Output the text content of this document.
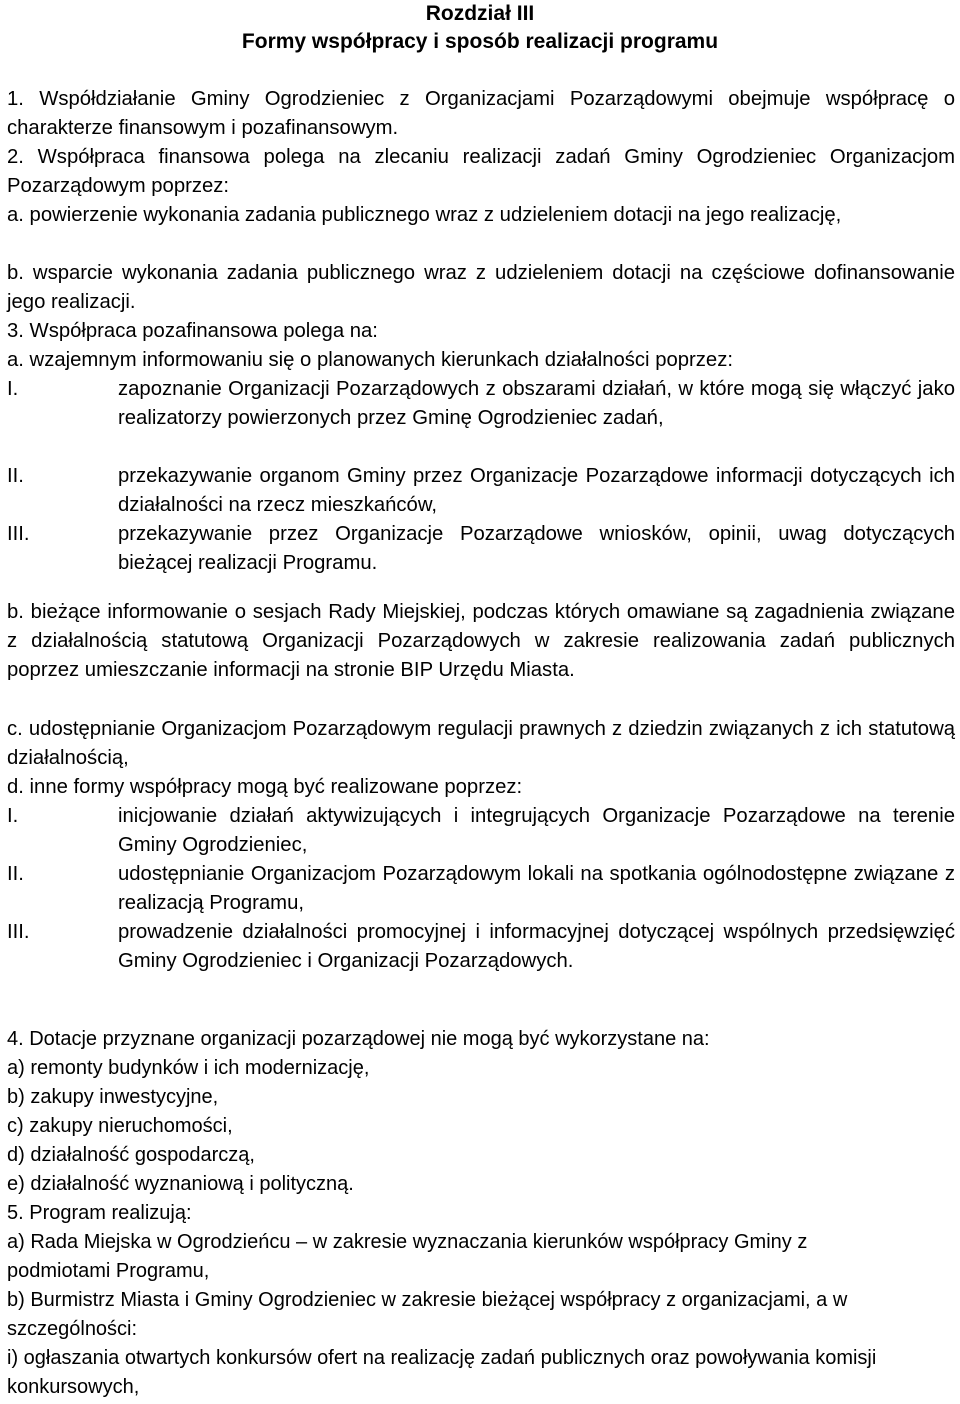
Rozdział III
Formy współpracy i sposób realizacji programu
1. Współdziałanie Gminy Ogrodzieniec z Organizacjami Pozarządowymi obejmuje współpracę o charakterze finansowym i pozafinansowym.
2. Współpraca finansowa polega na zlecaniu realizacji zadań Gminy Ogrodzieniec Organizacjom Pozarządowym poprzez:
a. powierzenie wykonania zadania publicznego wraz z udzieleniem dotacji na jego realizację,
b. wsparcie wykonania zadania publicznego wraz z udzieleniem dotacji na częściowe dofinansowanie jego realizacji.
3. Współpraca pozafinansowa polega na:
a. wzajemnym informowaniu się o planowanych kierunkach działalności poprzez:
I.	zapoznanie Organizacji Pozarządowych z obszarami działań, w które mogą się włączyć jako realizatorzy powierzonych przez Gminę Ogrodzieniec zadań,
II.	przekazywanie organom Gminy przez Organizacje Pozarządowe informacji dotyczących ich działalności na rzecz mieszkańców,
III.	przekazywanie przez Organizacje Pozarządowe wniosków, opinii, uwag dotyczących bieżącej realizacji Programu.
b. bieżące informowanie o sesjach Rady Miejskiej, podczas których omawiane są zagadnienia związane z działalnością statutową Organizacji Pozarządowych w zakresie realizowania zadań publicznych poprzez umieszczanie informacji na stronie BIP Urzędu Miasta.
c. udostępnianie Organizacjom Pozarządowym regulacji prawnych z dziedzin związanych z ich statutową działalnością,
d. inne formy współpracy mogą być realizowane poprzez:
I.	inicjowanie działań aktywizujących i integrujących Organizacje Pozarządowe na terenie Gminy Ogrodzieniec,
II.	udostępnianie Organizacjom Pozarządowym lokali na spotkania ogólnodostępne związane z realizacją Programu,
III.	prowadzenie działalności promocyjnej i informacyjnej dotyczącej wspólnych przedsięwzięć Gminy Ogrodzieniec i Organizacji Pozarządowych.
4. Dotacje przyznane organizacji pozarządowej nie mogą być wykorzystane na:
a) remonty budynków i ich modernizację,
b) zakupy inwestycyjne,
c) zakupy nieruchomości,
d) działalność gospodarczą,
e) działalność wyznaniową i polityczną.
5. Program realizują:
a) Rada Miejska w Ogrodzieńcu – w zakresie wyznaczania kierunków współpracy Gminy z podmiotami Programu,
b) Burmistrz Miasta i Gminy Ogrodzieniec w zakresie bieżącej współpracy z organizacjami, a w szczególności:
i) ogłaszania otwartych konkursów ofert na realizację zadań publicznych oraz powoływania komisji konkursowych,
